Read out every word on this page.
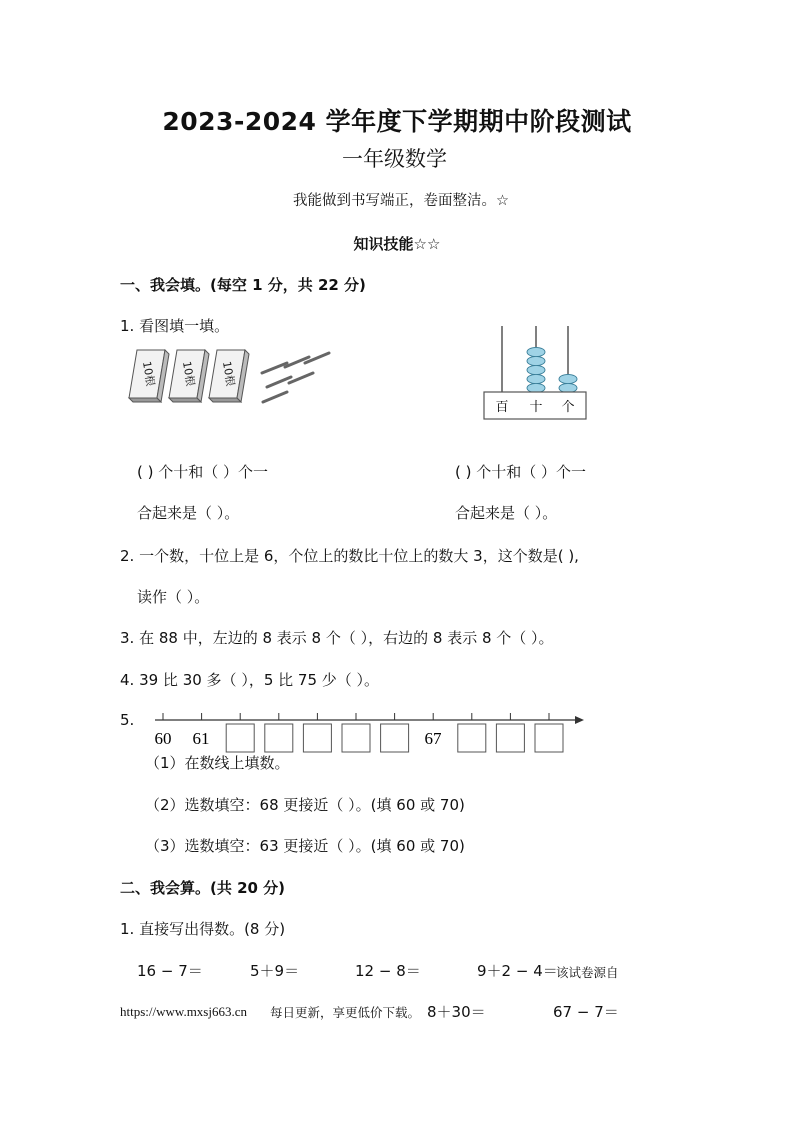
2023-2024 学年度下学期期中阶段测试
一年级数学
我能做到书写端正，卷面整洁。☆
知识技能☆☆
一、我会填。(每空 1 分，共 22 分)
1. 看图填一填。
10根 10根 10根
百 十 个
( ) 个十和（ ）个一
合起来是（ ）。
( ) 个十和（ ）个一
合起来是（ ）。
2. 一个数，十位上是 6，个位上的数比十位上的数大 3，这个数是( ),
读作（ ）。
3. 在 88 中，左边的 8 表示 8 个（ ），右边的 8 表示 8 个（ ）。
4. 39 比 30 多（ ），5 比 75 少（ ）。
5.
60 61	67
（1）在数线上填数。
（2）选数填空：68 更接近（ ）。(填 60 或 70)
（3）选数填空：63 更接近（ ）。(填 60 或 70)
二、我会算。(共 20 分)
1. 直接写出得数。(8 分)
16 − 7＝	5＋9＝	12 − 8＝	9＋2 − 4＝
该试卷源自
https://www.mxsj663.cn 每日更新，享更低价下载。 8＋30＝	67 − 7＝
